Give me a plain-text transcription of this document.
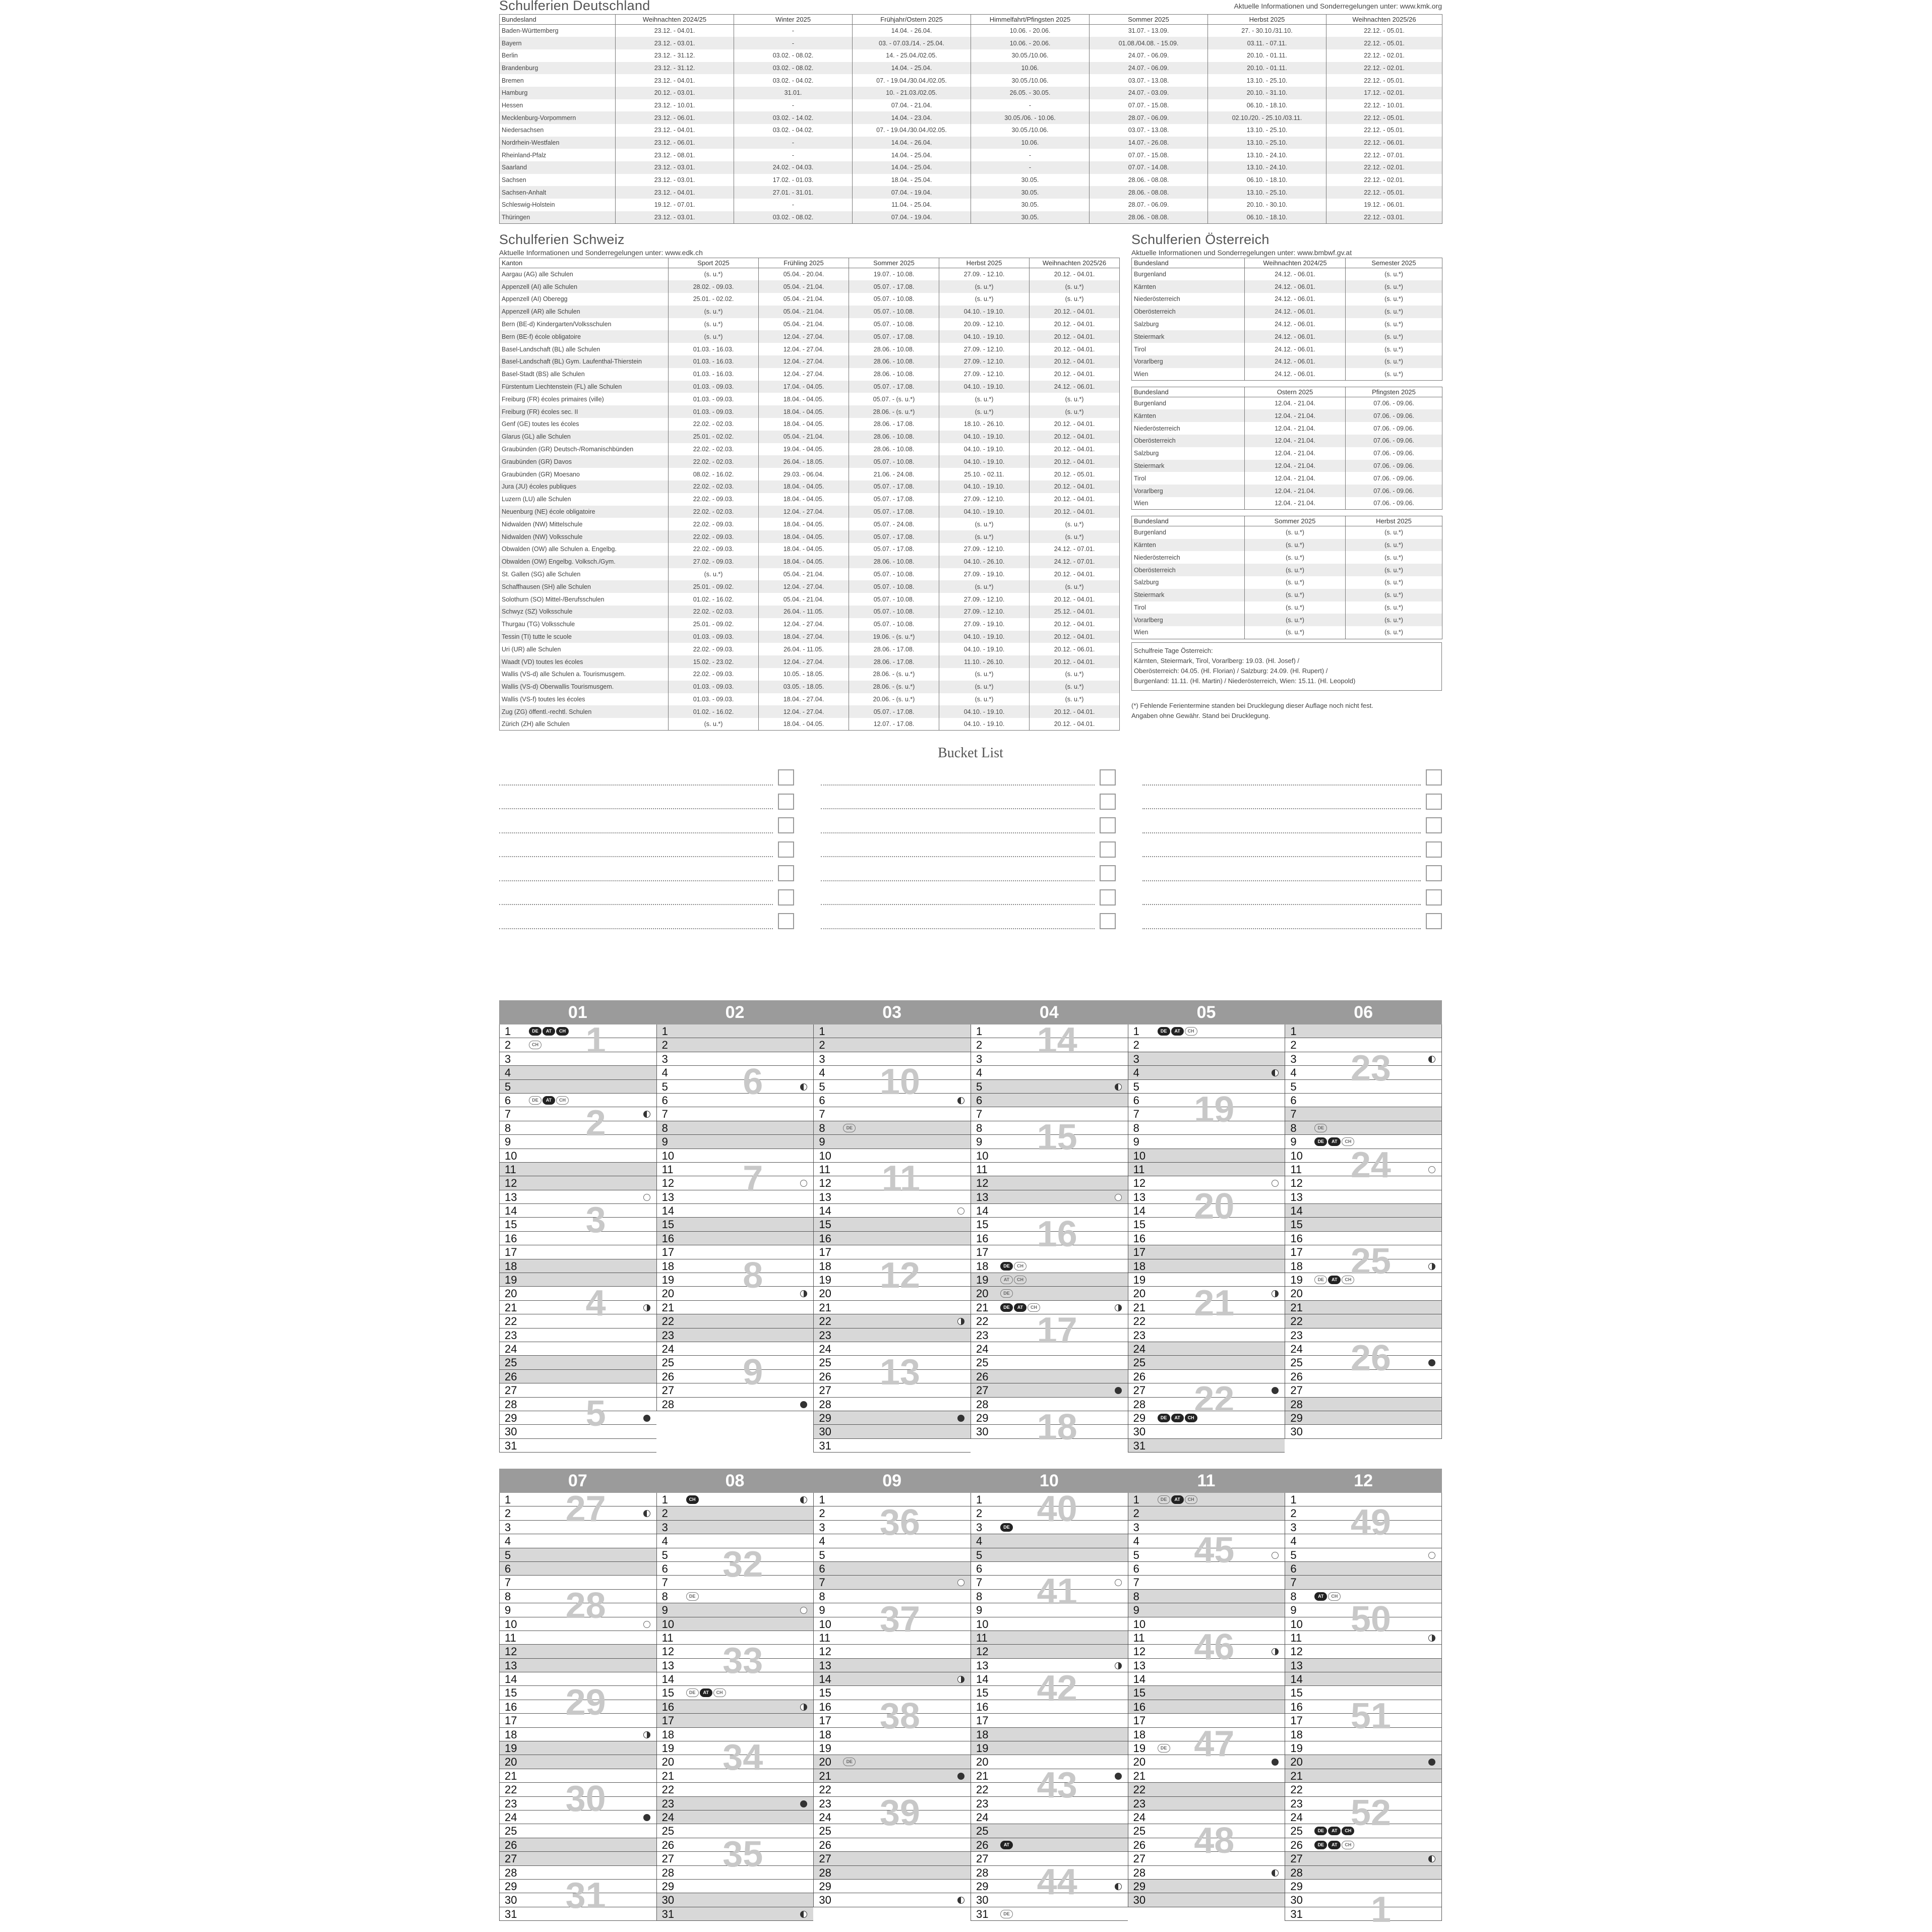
Schulferien Deutschland	Aktuelle Informationen und Sonderregelungen unter: www.kmk.org
Bundesland	Weihnachten 2024/25	Winter 2025	Frühjahr/Ostern 2025	Himmelfahrt/Pfingsten 2025	Sommer 2025	Herbst 2025	Weihnachten 2025/26
Baden-Württemberg	23.12. - 04.01.	-	14.04. - 26.04.	10.06. - 20.06.	31.07. - 13.09.	27. - 30.10./31.10.	22.12. - 05.01.
Bayern	23.12. - 03.01.	-	03. - 07.03./14. - 25.04.	10.06. - 20.06.	01.08./04.08. - 15.09.	03.11. - 07.11.	22.12. - 05.01.
Berlin	23.12. - 31.12.	03.02. - 08.02.	14. - 25.04./02.05.	30.05./10.06.	24.07. - 06.09.	20.10. - 01.11.	22.12. - 02.01.
Brandenburg	23.12. - 31.12.	03.02. - 08.02.	14.04. - 25.04.	10.06.	24.07. - 06.09.	20.10. - 01.11.	22.12. - 02.01.
Bremen	23.12. - 04.01.	03.02. - 04.02.	07. - 19.04./30.04./02.05.	30.05./10.06.	03.07. - 13.08.	13.10. - 25.10.	22.12. - 05.01.
Hamburg	20.12. - 03.01.	31.01.	10. - 21.03./02.05.	26.05. - 30.05.	24.07. - 03.09.	20.10. - 31.10.	17.12. - 02.01.
Hessen	23.12. - 10.01.	-	07.04. - 21.04.	-	07.07. - 15.08.	06.10. - 18.10.	22.12. - 10.01.
Mecklenburg-Vorpommern	23.12. - 06.01.	03.02. - 14.02.	14.04. - 23.04.	30.05./06. - 10.06.	28.07. - 06.09.	02.10./20. - 25.10./03.11.	22.12. - 05.01.
Niedersachsen	23.12. - 04.01.	03.02. - 04.02.	07. - 19.04./30.04./02.05.	30.05./10.06.	03.07. - 13.08.	13.10. - 25.10.	22.12. - 05.01.
Nordrhein-Westfalen	23.12. - 06.01.	-	14.04. - 26.04.	10.06.	14.07. - 26.08.	13.10. - 25.10.	22.12. - 06.01.
Rheinland-Pfalz	23.12. - 08.01.	-	14.04. - 25.04.	-	07.07. - 15.08.	13.10. - 24.10.	22.12. - 07.01.
Saarland	23.12. - 03.01.	24.02. - 04.03.	14.04. - 25.04.	-	07.07. - 14.08.	13.10. - 24.10.	22.12. - 02.01.
Sachsen	23.12. - 03.01.	17.02. - 01.03.	18.04. - 25.04.	30.05.	28.06. - 08.08.	06.10. - 18.10.	22.12. - 02.01.
Sachsen-Anhalt	23.12. - 04.01.	27.01. - 31.01.	07.04. - 19.04.	30.05.	28.06. - 08.08.	13.10. - 25.10.	22.12. - 05.01.
Schleswig-Holstein	19.12. - 07.01.	-	11.04. - 25.04.	30.05.	28.07. - 06.09.	20.10. - 30.10.	19.12. - 06.01.
Thüringen	23.12. - 03.01.	03.02. - 08.02.	07.04. - 19.04.	30.05.	28.06. - 08.08.	06.10. - 18.10.	22.12. - 03.01.
Schulferien Schweiz
Aktuelle Informationen und Sonderregelungen unter: www.edk.ch
Kanton	Sport 2025	Frühling 2025	Sommer 2025	Herbst 2025	Weihnachten 2025/26
Aargau (AG) alle Schulen	(s. u.*)	05.04. - 20.04.	19.07. - 10.08.	27.09. - 12.10.	20.12. - 04.01.
Appenzell (AI) alle Schulen	28.02. - 09.03.	05.04. - 21.04.	05.07. - 17.08.	(s. u.*)	(s. u.*)
Appenzell (AI) Oberegg	25.01. - 02.02.	05.04. - 21.04.	05.07. - 10.08.	(s. u.*)	(s. u.*)
Appenzell (AR) alle Schulen	(s. u.*)	05.04. - 21.04.	05.07. - 10.08.	04.10. - 19.10.	20.12. - 04.01.
Bern (BE-d) Kindergarten/Volksschulen	(s. u.*)	05.04. - 21.04.	05.07. - 10.08.	20.09. - 12.10.	20.12. - 04.01.
Bern (BE-f) école obligatoire	(s. u.*)	12.04. - 27.04.	05.07. - 17.08.	04.10. - 19.10.	20.12. - 04.01.
Basel-Landschaft (BL) alle Schulen	01.03. - 16.03.	12.04. - 27.04.	28.06. - 10.08.	27.09. - 12.10.	20.12. - 04.01.
Basel-Landschaft (BL) Gym. Laufenthal-Thierstein	01.03. - 16.03.	12.04. - 27.04.	28.06. - 10.08.	27.09. - 12.10.	20.12. - 04.01.
Basel-Stadt (BS) alle Schulen	01.03. - 16.03.	12.04. - 27.04.	28.06. - 10.08.	27.09. - 12.10.	20.12. - 04.01.
Fürstentum Liechtenstein (FL) alle Schulen	01.03. - 09.03.	17.04. - 04.05.	05.07. - 17.08.	04.10. - 19.10.	24.12. - 06.01.
Freiburg (FR) écoles primaires (ville)	01.03. - 09.03.	18.04. - 04.05.	05.07. - (s. u.*)	(s. u.*)	(s. u.*)
Freiburg (FR) écoles sec. II	01.03. - 09.03.	18.04. - 04.05.	28.06. - (s. u.*)	(s. u.*)	(s. u.*)
Genf (GE) toutes les écoles	22.02. - 02.03.	18.04. - 04.05.	28.06. - 17.08.	18.10. - 26.10.	20.12. - 04.01.
Glarus (GL) alle Schulen	25.01. - 02.02.	05.04. - 21.04.	28.06. - 10.08.	04.10. - 19.10.	20.12. - 04.01.
Graubünden (GR) Deutsch-/Romanischbünden	22.02. - 02.03.	19.04. - 04.05.	28.06. - 10.08.	04.10. - 19.10.	20.12. - 04.01.
Graubünden (GR) Davos	22.02. - 02.03.	26.04. - 18.05.	05.07. - 10.08.	04.10. - 19.10.	20.12. - 04.01.
Graubünden (GR) Moesano	08.02. - 16.02.	29.03. - 06.04.	21.06. - 24.08.	25.10. - 02.11.	20.12. - 05.01.
Jura (JU) écoles publiques	22.02. - 02.03.	18.04. - 04.05.	05.07. - 17.08.	04.10. - 19.10.	20.12. - 04.01.
Luzern (LU) alle Schulen	22.02. - 09.03.	18.04. - 04.05.	05.07. - 17.08.	27.09. - 12.10.	20.12. - 04.01.
Neuenburg (NE) école obligatoire	22.02. - 02.03.	12.04. - 27.04.	05.07. - 17.08.	04.10. - 19.10.	20.12. - 04.01.
Nidwalden (NW) Mittelschule	22.02. - 09.03.	18.04. - 04.05.	05.07. - 24.08.	(s. u.*)	(s. u.*)
Nidwalden (NW) Volksschule	22.02. - 09.03.	18.04. - 04.05.	05.07. - 17.08.	(s. u.*)	(s. u.*)
Obwalden (OW) alle Schulen a. Engelbg.	22.02. - 09.03.	18.04. - 04.05.	05.07. - 17.08.	27.09. - 12.10.	24.12. - 07.01.
Obwalden (OW) Engelbg. Volksch./Gym.	27.02. - 09.03.	18.04. - 04.05.	28.06. - 10.08.	04.10. - 26.10.	24.12. - 07.01.
St. Gallen (SG) alle Schulen	(s. u.*)	05.04. - 21.04.	05.07. - 10.08.	27.09. - 19.10.	20.12. - 04.01.
Schaffhausen (SH) alle Schulen	25.01. - 09.02.	12.04. - 27.04.	05.07. - 10.08.	(s. u.*)	(s. u.*)
Solothurn (SO) Mittel-/Berufsschulen	01.02. - 16.02.	05.04. - 21.04.	05.07. - 10.08.	27.09. - 12.10.	20.12. - 04.01.
Schwyz (SZ) Volksschule	22.02. - 02.03.	26.04. - 11.05.	05.07. - 10.08.	27.09. - 12.10.	25.12. - 04.01.
Thurgau (TG) Volksschule	25.01. - 09.02.	12.04. - 27.04.	05.07. - 10.08.	27.09. - 19.10.	20.12. - 04.01.
Tessin (TI) tutte le scuole	01.03. - 09.03.	18.04. - 27.04.	19.06. - (s. u.*)	04.10. - 19.10.	20.12. - 04.01.
Uri (UR) alle Schulen	22.02. - 09.03.	26.04. - 11.05.	28.06. - 17.08.	04.10. - 19.10.	20.12. - 06.01.
Waadt (VD) toutes les écoles	15.02. - 23.02.	12.04. - 27.04.	28.06. - 17.08.	11.10. - 26.10.	20.12. - 04.01.
Wallis (VS-d) alle Schulen a. Tourismusgem.	22.02. - 09.03.	10.05. - 18.05.	28.06. - (s. u.*)	(s. u.*)	(s. u.*)
Wallis (VS-d) Oberwallis Tourismusgem.	01.03. - 09.03.	03.05. - 18.05.	28.06. - (s. u.*)	(s. u.*)	(s. u.*)
Wallis (VS-f) toutes les écoles	01.03. - 09.03.	18.04. - 27.04.	20.06. - (s. u.*)	(s. u.*)	(s. u.*)
Zug (ZG) öffentl.-rechtl. Schulen	01.02. - 16.02.	12.04. - 27.04.	05.07. - 17.08.	04.10. - 19.10.	20.12. - 04.01.
Zürich (ZH) alle Schulen	(s. u.*)	18.04. - 04.05.	12.07. - 17.08.	04.10. - 19.10.	20.12. - 04.01.
Schulferien Österreich
Aktuelle Informationen und Sonderregelungen unter: www.bmbwf.gv.at
Bundesland	Weihnachten 2024/25	Semester 2025
Burgenland	24.12. - 06.01.	(s. u.*)
Kärnten	24.12. - 06.01.	(s. u.*)
Niederösterreich	24.12. - 06.01.	(s. u.*)
Oberösterreich	24.12. - 06.01.	(s. u.*)
Salzburg	24.12. - 06.01.	(s. u.*)
Steiermark	24.12. - 06.01.	(s. u.*)
Tirol	24.12. - 06.01.	(s. u.*)
Vorarlberg	24.12. - 06.01.	(s. u.*)
Wien	24.12. - 06.01.	(s. u.*)
Bundesland	Ostern 2025	Pfingsten 2025
Burgenland	12.04. - 21.04.	07.06. - 09.06.
Kärnten	12.04. - 21.04.	07.06. - 09.06.
Niederösterreich	12.04. - 21.04.	07.06. - 09.06.
Oberösterreich	12.04. - 21.04.	07.06. - 09.06.
Salzburg	12.04. - 21.04.	07.06. - 09.06.
Steiermark	12.04. - 21.04.	07.06. - 09.06.
Tirol	12.04. - 21.04.	07.06. - 09.06.
Vorarlberg	12.04. - 21.04.	07.06. - 09.06.
Wien	12.04. - 21.04.	07.06. - 09.06.
Bundesland	Sommer 2025	Herbst 2025
Burgenland	(s. u.*)	(s. u.*)
Kärnten	(s. u.*)	(s. u.*)
Niederösterreich	(s. u.*)	(s. u.*)
Oberösterreich	(s. u.*)	(s. u.*)
Salzburg	(s. u.*)	(s. u.*)
Steiermark	(s. u.*)	(s. u.*)
Tirol	(s. u.*)	(s. u.*)
Vorarlberg	(s. u.*)	(s. u.*)
Wien	(s. u.*)	(s. u.*)
Schulfreie Tage Österreich:
Kärnten, Steiermark, Tirol, Vorarlberg: 19.03. (Hl. Josef) /
Oberösterreich: 04.05. (Hl. Florian) / Salzburg: 24.09. (Hl. Rupert) /
Burgenland: 11.11. (Hl. Martin) / Niederösterreich, Wien: 15.11. (Hl. Leopold)
(*) Fehlende Ferientermine standen bei Drucklegung dieser Auflage noch nicht fest.
Angaben ohne Gewähr. Stand bei Drucklegung.
Bucket List
01
1	DE	AT	CH
2	CH
3
4
5
6	DE	AT	CH
7
8
9
10
11
12
13
14
15
16
17
18
19
20
21
22
23
24
25
26
27
28
29
30
31
1
2
3
4
5
02
1
2
3
4
5
6
7
8
9
10
11
12
13
14
15
16
17
18
19
20
21
22
23
24
25
26
27
28
6
7
8
9
03
1
2
3
4
5
6
7
8	DE
9
10
11
12
13
14
15
16
17
18
19
20
21
22
23
24
25
26
27
28
29
30
31
10
11
12
13
04
1
2
3
4
5
6
7
8
9
10
11
12
13
14
15
16
17
18	DE	CH
19	AT	CH
20	DE
21	DE	AT	CH
22
23
24
25
26
27
28
29
30
14
15
16
17
18
05
1	DE	AT	CH
2
3
4
5
6
7
8
9
10
11
12
13
14
15
16
17
18
19
20
21
22
23
24
25
26
27
28
29	DE	AT	CH
30
31
19
20
21
22
06
1
2
3
4
5
6
7
8	DE
9	DE	AT	CH
10
11
12
13
14
15
16
17
18
19	DE	AT	CH
20
21
22
23
24
25
26
27
28
29
30
23
24
25
26
07
1
2
3
4
5
6
7
8
9
10
11
12
13
14
15
16
17
18
19
20
21
22
23
24
25
26
27
28
29
30
31
27
28
29
30
31
08
1	CH
2
3
4
5
6
7
8	DE
9
10
11
12
13
14
15	DE	AT	CH
16
17
18
19
20
21
22
23
24
25
26
27
28
29
30
31
32
33
34
35
09
1
2
3
4
5
6
7
8
9
10
11
12
13
14
15
16
17
18
19
20	DE
21
22
23
24
25
26
27
28
29
30
36
37
38
39
10
1
2
3	DE
4
5
6
7
8
9
10
11
12
13
14
15
16
17
18
19
20
21
22
23
24
25
26	AT
27
28
29
30
31	DE
40
41
42
43
44
11
1	DE	AT	CH
2
3
4
5
6
7
8
9
10
11
12
13
14
15
16
17
18
19	DE
20
21
22
23
24
25
26
27
28
29
30
45
46
47
48
12
1
2
3
4
5
6
7
8	AT	CH
9
10
11
12
13
14
15
16
17
18
19
20
21
22
23
24
25	DE	AT	CH
26	DE	AT	CH
27
28
29
30
31
49
50
51
52
1
